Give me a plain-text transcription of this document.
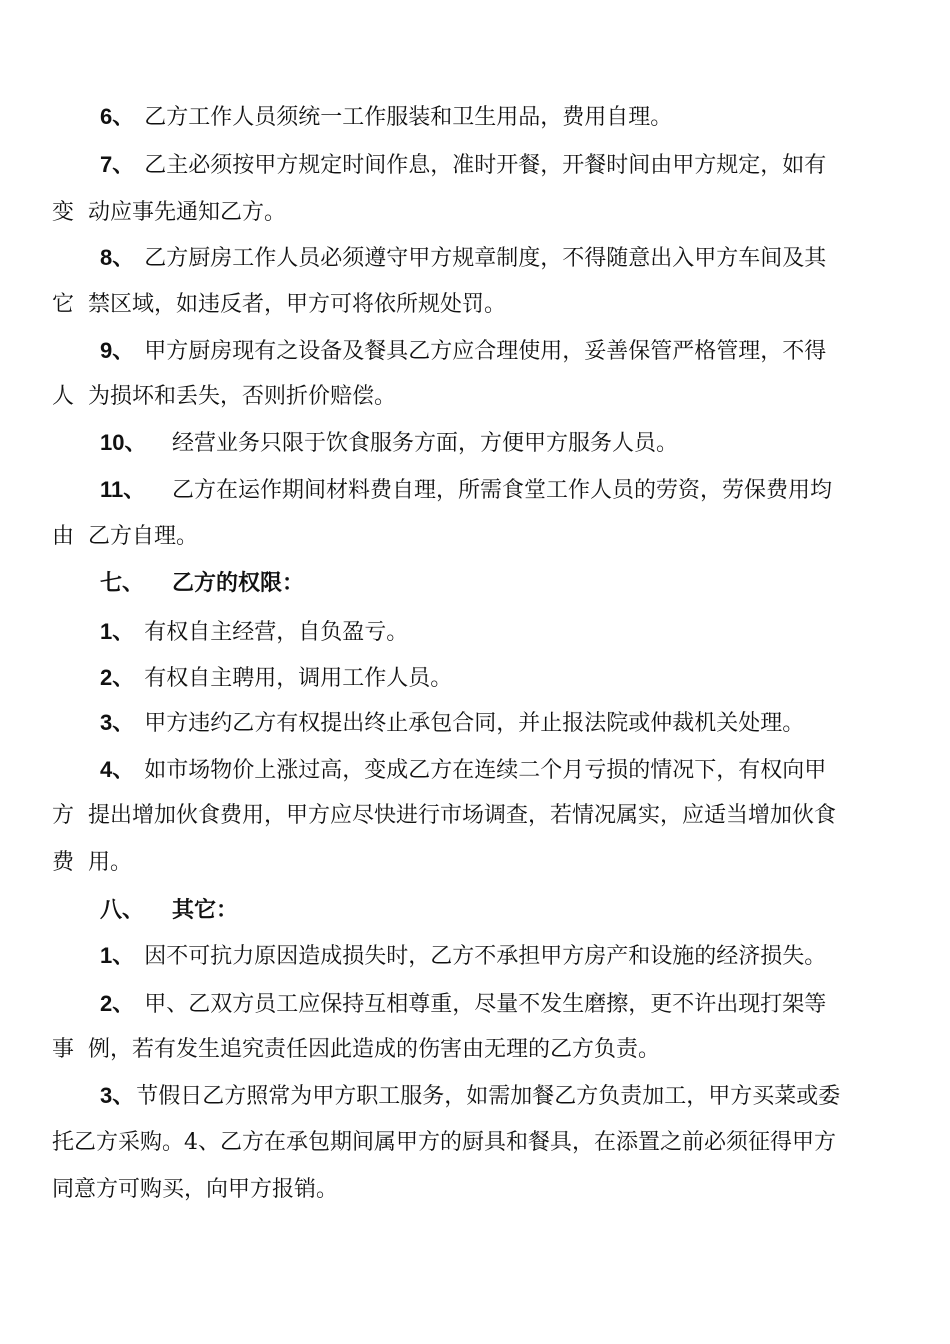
6、 乙方工作人员须统一工作服装和卫生用品，费用自理。
7、 乙主必须按甲方规定时间作息，准时开餐，开餐时间由甲方规定，如有
变 动应事先通知乙方。
8、 乙方厨房工作人员必须遵守甲方规章制度，不得随意出入甲方车间及其
它 禁区域，如违反者，甲方可将依所规处罚。
9、 甲方厨房现有之设备及餐具乙方应合理使用，妥善保管严格管理，不得
人 为损坏和丢失，否则折价赔偿。
10、 经营业务只限于饮食服务方面，方便甲方服务人员。
11、 乙方在运作期间材料费自理，所需食堂工作人员的劳资，劳保费用均
由 乙方自理。
七、 乙方的权限：
1、 有权自主经营，自负盈亏。
2、 有权自主聘用，调用工作人员。
3、 甲方违约乙方有权提出终止承包合同，并止报法院或仲裁机关处理。
4、 如市场物价上涨过高，变成乙方在连续二个月亏损的情况下，有权向甲
方 提出增加伙食费用，甲方应尽快进行市场调查，若情况属实，应适当增加伙食
费 用。
八、 其它：
1、 因不可抗力原因造成损失时，乙方不承担甲方房产和设施的经济损失。
2、 甲、乙双方员工应保持互相尊重，尽量不发生磨擦，更不许出现打架等
事 例，若有发生追究责任因此造成的伤害由无理的乙方负责。
3、节假日乙方照常为甲方职工服务，如需加餐乙方负责加工，甲方买菜或委
托乙方采购。4、乙方在承包期间属甲方的厨具和餐具，在添置之前必须征得甲方
同意方可购买，向甲方报销。
